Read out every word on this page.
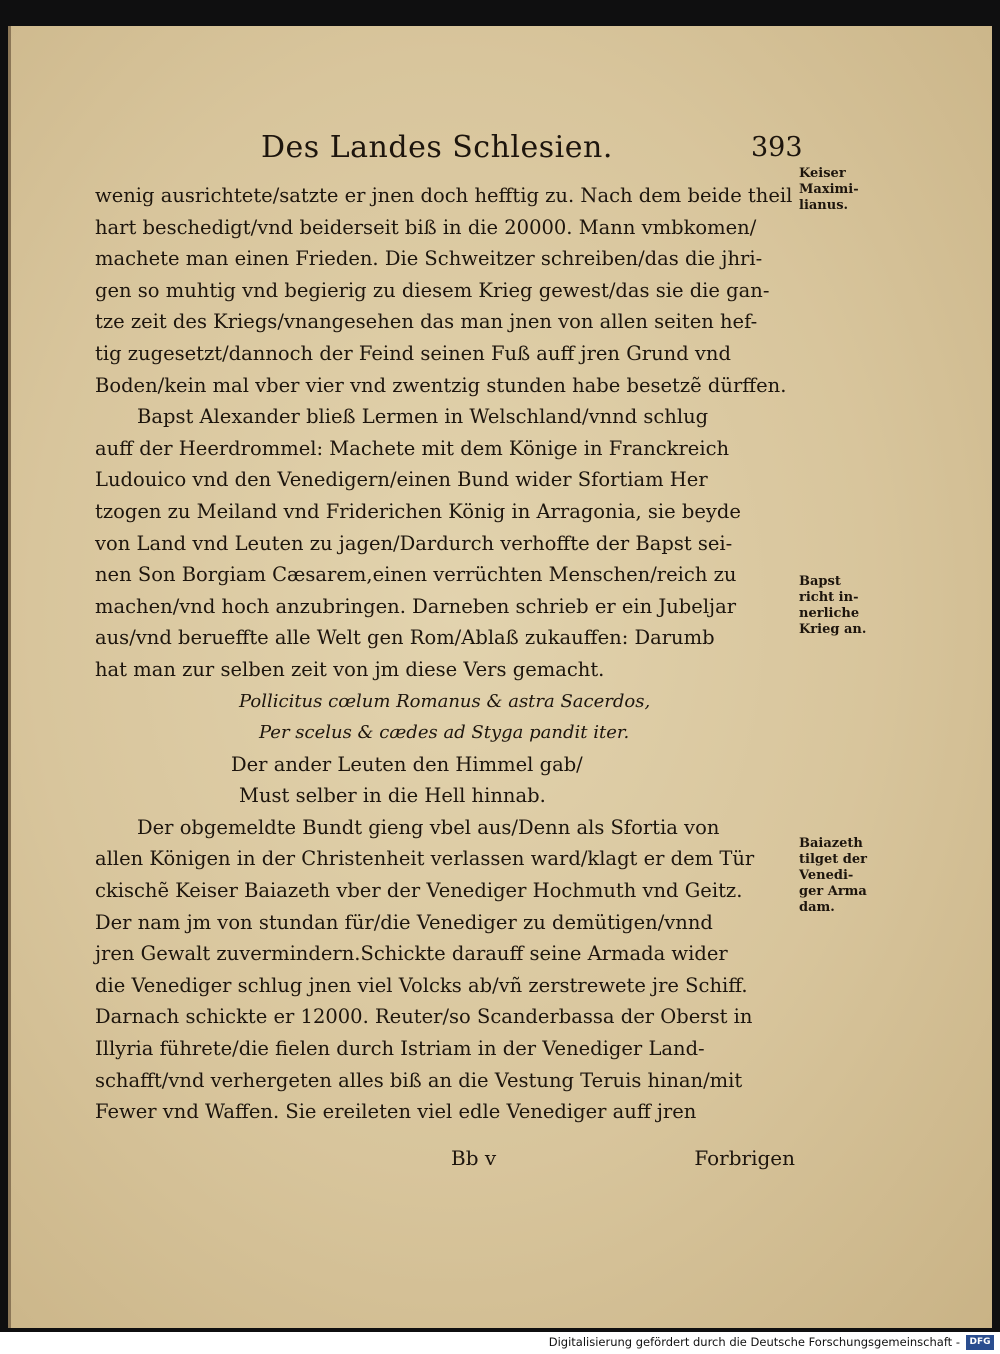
Des Landes Schlesien.	393
wenig ausrichtete/satzte er jnen doch hefftig zu. Nach dem beide theil
hart beschedigt/vnd beiderseit biß in die 20000. Mann vmbkomen/
machete man einen Frieden. Die Schweitzer schreiben/das die jhri-
gen so muhtig vnd begierig zu diesem Krieg gewest/das sie die gan-
tze zeit des Kriegs/vnangesehen das man jnen von allen seiten hef-
tig zugesetzt/dannoch der Feind seinen Fuß auff jren Grund vnd
Boden/kein mal vber vier vnd zwentzig stunden habe besetzẽ dürffen.
Bapst Alexander bließ Lermen in Welschland/vnnd schlug
auff der Heerdrommel: Machete mit dem Könige in Franckreich
Ludouico vnd den Venedigern/einen Bund wider Sfortiam Her
tzogen zu Meiland vnd Friderichen König in Arragonia, sie beyde
von Land vnd Leuten zu jagen/Dardurch verhoffte der Bapst sei-
nen Son Borgiam Cæsarem,einen verrüchten Menschen/reich zu
machen/vnd hoch anzubringen. Darneben schrieb er ein Jubeljar
aus/vnd berueffte alle Welt gen Rom/Ablaß zukauffen: Darumb
hat man zur selben zeit von jm diese Vers gemacht.
Pollicitus cœlum Romanus & astra Sacerdos,
Per scelus & cædes ad Styga pandit iter.
Der ander Leuten den Himmel gab/
Must selber in die Hell hinnab.
Der obgemeldte Bundt gieng vbel aus/Denn als Sfortia von
allen Königen in der Christenheit verlassen ward/klagt er dem Tür
ckischẽ Keiser Baiazeth vber der Venediger Hochmuth vnd Geitz.
Der nam jm von stundan für/die Venediger zu demütigen/vnnd
jren Gewalt zuvermindern.Schickte darauff seine Armada wider
die Venediger schlug jnen viel Volcks ab/vñ zerstrewete jre Schiff.
Darnach schickte er 12000. Reuter/so Scanderbassa der Oberst in
Illyria führete/die fielen durch Istriam in der Venediger Land-
schafft/vnd verhergeten alles biß an die Vestung Teruis hinan/mit
Fewer vnd Waffen. Sie ereileten viel edle Venediger auff jren
Bb v	Forbrigen
Keiser
Maximi-
lianus.
Bapst
richt in-
nerliche
Krieg an.
Baiazeth
tilget der
Venedi-
ger Arma
dam.
Digitalisierung gefördert durch die Deutsche Forschungsgemeinschaft -	DFG
